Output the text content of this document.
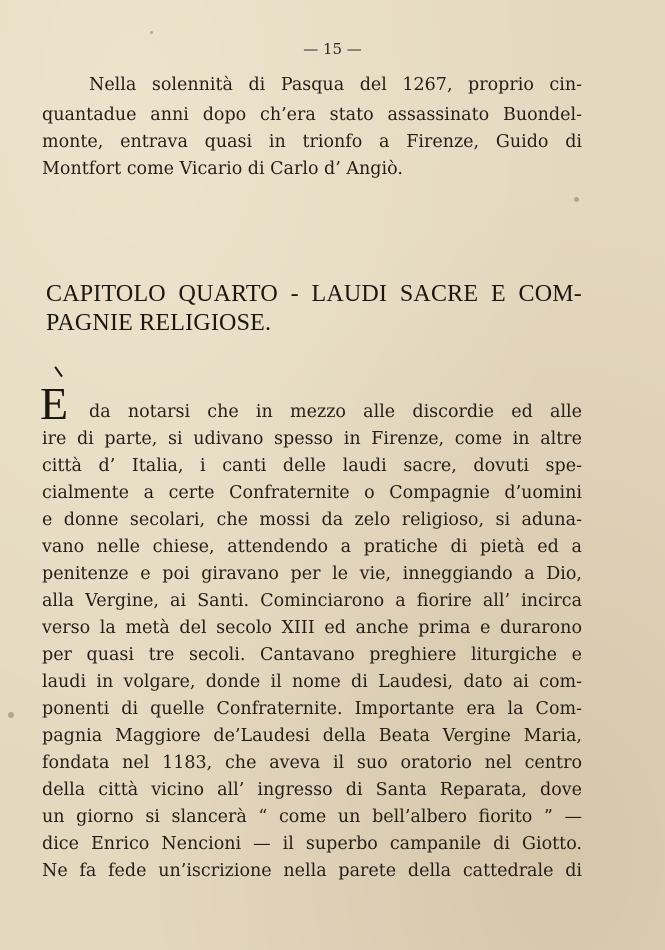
— 15 —
Nella solennità di Pasqua del 1267, proprio cin-
quantadue anni dopo ch’era stato assassinato Buondel-
monte, entrava quasi in trionfo a Firenze, Guido di
Montfort come Vicario di Carlo d’ Angiò.
CAPITOLO QUARTO - LAUDI SACRE E COM-
PAGNIE RELIGIOSE.
E	da notarsi che in mezzo alle discordie ed alle
ire di parte, si udivano spesso in Firenze, come in altre
città d’ Italia, i canti delle laudi sacre, dovuti spe-
cialmente a certe Confraternite o Compagnie d’uomini
e donne secolari, che mossi da zelo religioso, si aduna-
vano nelle chiese, attendendo a pratiche di pietà ed a
penitenze e poi giravano per le vie, inneggiando a Dio,
alla Vergine, ai Santi. Cominciarono a fiorire all’ incirca
verso la metà del secolo XIII ed anche prima e durarono
per quasi tre secoli. Cantavano preghiere liturgiche e
laudi in volgare, donde il nome di Laudesi, dato ai com-
ponenti di quelle Confraternite. Importante era la Com-
pagnia Maggiore de’Laudesi della Beata Vergine Maria,
fondata nel 1183, che aveva il suo oratorio nel centro
della città vicino all’ ingresso di Santa Reparata, dove
un giorno si slancerà “ come un bell’albero fiorito ” —
dice Enrico Nencioni — il superbo campanile di Giotto.
Ne fa fede un’iscrizione nella parete della cattedrale di
